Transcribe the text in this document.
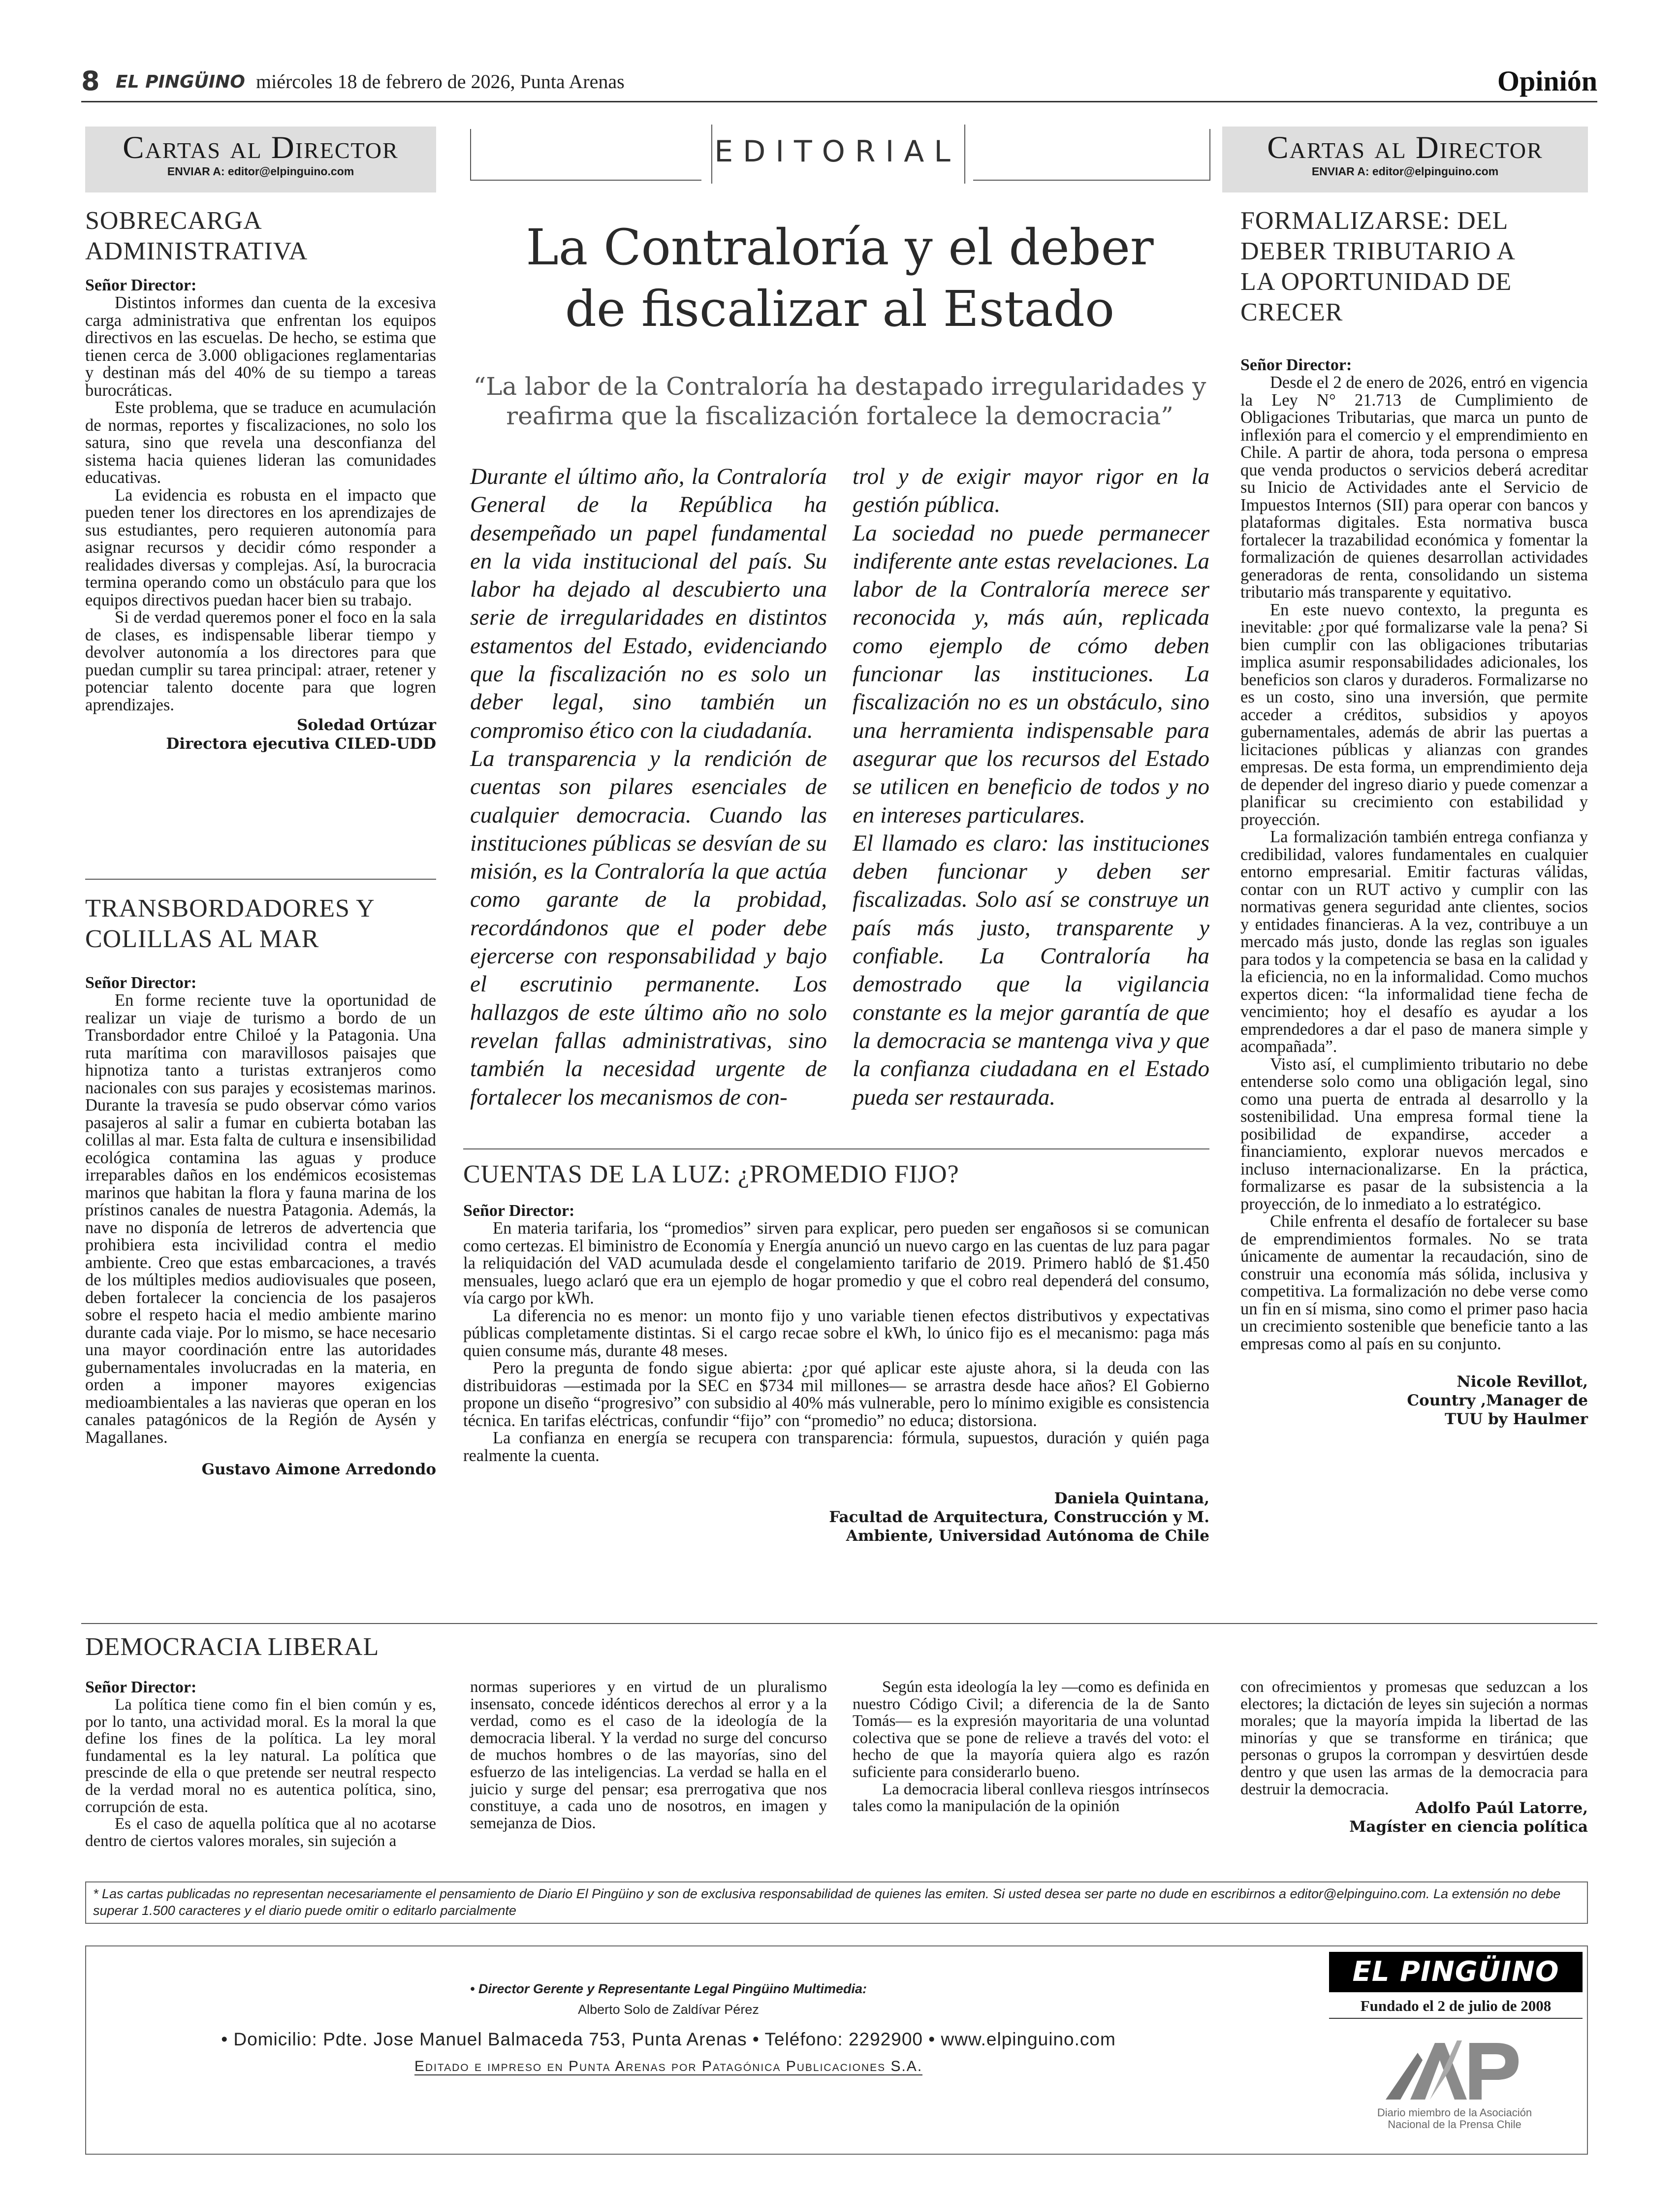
8 EL PINGÜINO miércoles 18 de febrero de 2026, Punta Arenas	Opinión
Cartas al Director
ENVIAR A: editor@elpinguino.com
SOBRECARGA
ADMINISTRATIVA
Señor Director:

Distintos informes dan cuenta de la excesiva carga administrativa que enfrentan los equipos directivos en las escuelas. De hecho, se estima que tienen cerca de 3.000 obligaciones reglamentarias y destinan más del 40% de su tiempo a tareas burocráticas.

Este problema, que se traduce en acumulación de normas, reportes y fiscalizaciones, no solo los satura, sino que revela una desconfianza del sistema hacia quienes lideran las comunidades educativas.

La evidencia es robusta en el impacto que pueden tener los directores en los aprendizajes de sus estudiantes, pero requieren autonomía para asignar recursos y decidir cómo responder a realidades diversas y complejas. Así, la burocracia termina operando como un obstáculo para que los equipos directivos puedan hacer bien su trabajo.

Si de verdad queremos poner el foco en la sala de clases, es indispensable liberar tiempo y devolver autonomía a los directores para que puedan cumplir su tarea principal: atraer, retener y potenciar talento docente para que logren aprendizajes.

Soledad Ortúzar
Directora ejecutiva CILED-UDD
TRANSBORDADORES Y
COLILLAS AL MAR
Señor Director:

En forme reciente tuve la oportunidad de realizar un viaje de turismo a bordo de un Transbordador entre Chiloé y la Patagonia. Una ruta marítima con maravillosos paisajes que hipnotiza tanto a turistas extranjeros como nacionales con sus parajes y ecosistemas marinos. Durante la travesía se pudo observar cómo varios pasajeros al salir a fumar en cubierta botaban las colillas al mar. Esta falta de cultura e insensibilidad ecológica contamina las aguas y produce irreparables daños en los endémicos ecosistemas marinos que habitan la flora y fauna marina de los prístinos canales de nuestra Patagonia. Además, la nave no disponía de letreros de advertencia que prohibiera esta incivilidad contra el medio ambiente. Creo que estas embarcaciones, a través de los múltiples medios audiovisuales que poseen, deben fortalecer la conciencia de los pasajeros sobre el respeto hacia el medio ambiente marino durante cada viaje. Por lo mismo, se hace necesario una mayor coordinación entre las autoridades gubernamentales involucradas en la materia, en orden a imponer mayores exigencias medioambientales a las navieras que operan en los canales patagónicos de la Región de Aysén y Magallanes.

Gustavo Aimone Arredondo
EDITORIAL
La Contraloría y el deber
de fiscalizar al Estado
“La labor de la Contraloría ha destapado irregularidades y
reafirma que la fiscalización fortalece la democracia”

Durante el último año, la Contraloría General de la República ha desempeñado un papel fundamental en la vida institucional del país. Su labor ha dejado al descubierto una serie de irregularidades en distintos estamentos del Estado, evidenciando que la fiscalización no es solo un deber legal, sino también un compromiso ético con la ciudadanía.

La transparencia y la rendición de cuentas son pilares esenciales de cualquier democracia. Cuando las instituciones públicas se desvían de su misión, es la Contraloría la que actúa como garante de la probidad, recordándonos que el poder debe ejercerse con responsabilidad y bajo el escrutinio permanente. Los hallazgos de este último año no solo revelan fallas administrativas, sino también la necesidad urgente de fortalecer los mecanismos de con-

trol y de exigir mayor rigor en la gestión pública.

La sociedad no puede permanecer indiferente ante estas revelaciones. La labor de la Contraloría merece ser reconocida y, más aún, replicada como ejemplo de cómo deben funcionar las instituciones. La fiscalización no es un obstáculo, sino una herramienta indispensable para asegurar que los recursos del Estado se utilicen en beneficio de todos y no en intereses particulares.

El llamado es claro: las instituciones deben funcionar y deben ser fiscalizadas. Solo así se construye un país más justo, transparente y confiable. La Contraloría ha demostrado que la vigilancia constante es la mejor garantía de que la democracia se mantenga viva y que la confianza ciudadana en el Estado pueda ser restaurada.

CUENTAS DE LA LUZ: ¿PROMEDIO FIJO?
Señor Director:

En materia tarifaria, los “promedios” sirven para explicar, pero pueden ser engañosos si se comunican como certezas. El biministro de Economía y Energía anunció un nuevo cargo en las cuentas de luz para pagar la reliquidación del VAD acumulada desde el congelamiento tarifario de 2019. Primero habló de $1.450 mensuales, luego aclaró que era un ejemplo de hogar promedio y que el cobro real dependerá del consumo, vía cargo por kWh.

La diferencia no es menor: un monto fijo y uno variable tienen efectos distributivos y expectativas públicas completamente distintas. Si el cargo recae sobre el kWh, lo único fijo es el mecanismo: paga más quien consume más, durante 48 meses.

Pero la pregunta de fondo sigue abierta: ¿por qué aplicar este ajuste ahora, si la deuda con las distribuidoras —estimada por la SEC en $734 mil millones— se arrastra desde hace años? El Gobierno propone un diseño “progresivo” con subsidio al 40% más vulnerable, pero lo mínimo exigible es consistencia técnica. En tarifas eléctricas, confundir “fijo” con “promedio” no educa; distorsiona.

La confianza en energía se recupera con transparencia: fórmula, supuestos, duración y quién paga realmente la cuenta.

Daniela Quintana,
Facultad de Arquitectura, Construcción y M.
Ambiente, Universidad Autónoma de Chile
Cartas al Director
ENVIAR A: editor@elpinguino.com
FORMALIZARSE: DEL
DEBER TRIBUTARIO A
LA OPORTUNIDAD DE
CRECER
Señor Director:

Desde el 2 de enero de 2026, entró en vigencia la Ley N° 21.713 de Cumplimiento de Obligaciones Tributarias, que marca un punto de inflexión para el comercio y el emprendimiento en Chile. A partir de ahora, toda persona o empresa que venda productos o servicios deberá acreditar su Inicio de Actividades ante el Servicio de Impuestos Internos (SII) para operar con bancos y plataformas digitales. Esta normativa busca fortalecer la trazabilidad económica y fomentar la formalización de quienes desarrollan actividades generadoras de renta, consolidando un sistema tributario más transparente y equitativo.

En este nuevo contexto, la pregunta es inevitable: ¿por qué formalizarse vale la pena? Si bien cumplir con las obligaciones tributarias implica asumir responsabilidades adicionales, los beneficios son claros y duraderos. Formalizarse no es un costo, sino una inversión, que permite acceder a créditos, subsidios y apoyos gubernamentales, además de abrir las puertas a licitaciones públicas y alianzas con grandes empresas. De esta forma, un emprendimiento deja de depender del ingreso diario y puede comenzar a planificar su crecimiento con estabilidad y proyección.

La formalización también entrega confianza y credibilidad, valores fundamentales en cualquier entorno empresarial. Emitir facturas válidas, contar con un RUT activo y cumplir con las normativas genera seguridad ante clientes, socios y entidades financieras. A la vez, contribuye a un mercado más justo, donde las reglas son iguales para todos y la competencia se basa en la calidad y la eficiencia, no en la informalidad. Como muchos expertos dicen: “la informalidad tiene fecha de vencimiento; hoy el desafío es ayudar a los emprendedores a dar el paso de manera simple y acompañada”.

Visto así, el cumplimiento tributario no debe entenderse solo como una obligación legal, sino como una puerta de entrada al desarrollo y la sostenibilidad. Una empresa formal tiene la posibilidad de expandirse, acceder a financiamiento, explorar nuevos mercados e incluso internacionalizarse. En la práctica, formalizarse es pasar de la subsistencia a la proyección, de lo inmediato a lo estratégico.

Chile enfrenta el desafío de fortalecer su base de emprendimientos formales. No se trata únicamente de aumentar la recaudación, sino de construir una economía más sólida, inclusiva y competitiva. La formalización no debe verse como un fin en sí misma, sino como el primer paso hacia un crecimiento sostenible que beneficie tanto a las empresas como al país en su conjunto.

Nicole Revillot,
Country ,Manager de
TUU by Haulmer
DEMOCRACIA LIBERAL
Señor Director:

La política tiene como fin el bien común y es, por lo tanto, una actividad moral. Es la moral la que define los fines de la política. La ley moral fundamental es la ley natural. La política que prescinde de ella o que pretende ser neutral respecto de la verdad moral no es autentica política, sino, corrupción de esta.

Es el caso de aquella política que al no acotarse dentro de ciertos valores morales, sin sujeción a

normas superiores y en virtud de un pluralismo insensato, concede idénticos derechos al error y a la verdad, como es el caso de la ideología de la democracia liberal. Y la verdad no surge del concurso de muchos hombres o de las mayorías, sino del esfuerzo de las inteligencias. La verdad se halla en el juicio y surge del pensar; esa prerrogativa que nos constituye, a cada uno de nosotros, en imagen y semejanza de Dios.

Según esta ideología la ley —como es definida en nuestro Código Civil; a diferencia de la de Santo Tomás— es la expresión mayoritaria de una voluntad colectiva que se pone de relieve a través del voto: el hecho de que la mayoría quiera algo es razón suficiente para considerarlo bueno.

La democracia liberal conlleva riesgos intrínsecos tales como la manipulación de la opinión

con ofrecimientos y promesas que seduzcan a los electores; la dictación de leyes sin sujeción a normas morales; que la mayoría impida la libertad de las minorías y que se transforme en tiránica; que personas o grupos la corrompan y desvirtúen desde dentro y que usen las armas de la democracia para destruir la democracia.

Adolfo Paúl Latorre,
Magíster en ciencia política
* Las cartas publicadas no representan necesariamente el pensamiento de Diario El Pingüino y son de exclusiva responsabilidad de quienes las emiten. Si usted desea ser parte no dude en escribirnos a editor@elpinguino.com. La extensión no debe superar 1.500 caracteres y el diario puede omitir o editarlo parcialmente
• Director Gerente y Representante Legal Pingüino Multimedia:
Alberto Solo de Zaldívar Pérez
• Domicilio: Pdte. Jose Manuel Balmaceda 753, Punta Arenas • Teléfono: 2292900 • www.elpinguino.com
Editado e impreso en Punta Arenas por Patagónica Publicaciones S.A.
EL PINGÜINO
Fundado el 2 de julio de 2008
Diario miembro de la Asociación
Nacional de la Prensa Chile
